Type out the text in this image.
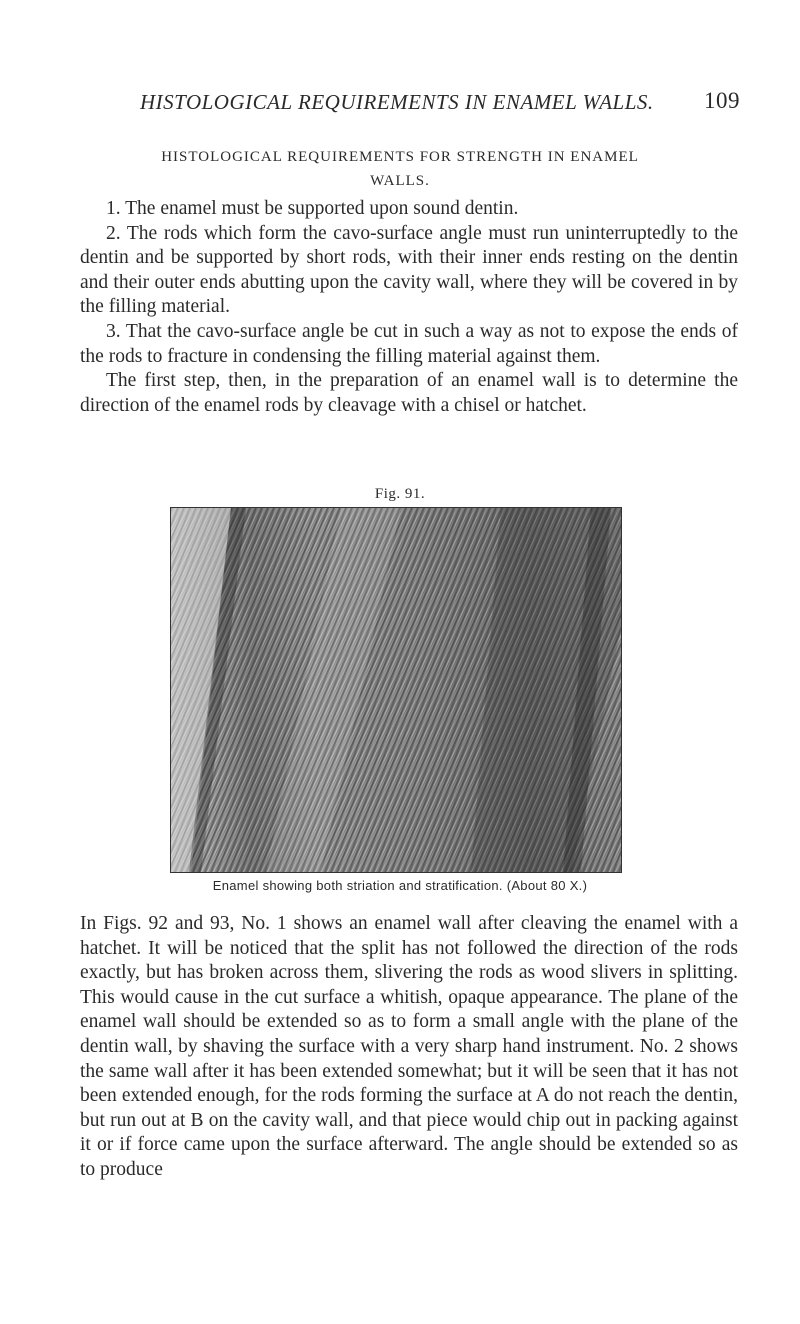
HISTOLOGICAL REQUIREMENTS IN ENAMEL WALLS. 109
HISTOLOGICAL REQUIREMENTS FOR STRENGTH IN ENAMEL
WALLS.

1. The enamel must be supported upon sound dentin.

2. The rods which form the cavo-surface angle must run uninterruptedly to the dentin and be supported by short rods, with their inner ends resting on the dentin and their outer ends abutting upon the cavity wall, where they will be covered in by the filling material.

3. That the cavo-surface angle be cut in such a way as not to expose the ends of the rods to fracture in condensing the filling material against them.

The first step, then, in the preparation of an enamel wall is to determine the direction of the enamel rods by cleavage with a chisel or hatchet.

Fig. 91.
Enamel showing both striation and stratification. (About 80 X.)

In Figs. 92 and 93, No. 1 shows an enamel wall after cleaving the enamel with a hatchet. It will be noticed that the split has not followed the direction of the rods exactly, but has broken across them, slivering the rods as wood slivers in splitting. This would cause in the cut surface a whitish, opaque appearance. The plane of the enamel wall should be extended so as to form a small angle with the plane of the dentin wall, by shaving the surface with a very sharp hand instrument. No. 2 shows the same wall after it has been extended somewhat; but it will be seen that it has not been extended enough, for the rods forming the surface at A do not reach the dentin, but run out at B on the cavity wall, and that piece would chip out in packing against it or if force came upon the surface afterward. The angle should be extended so as to produce
